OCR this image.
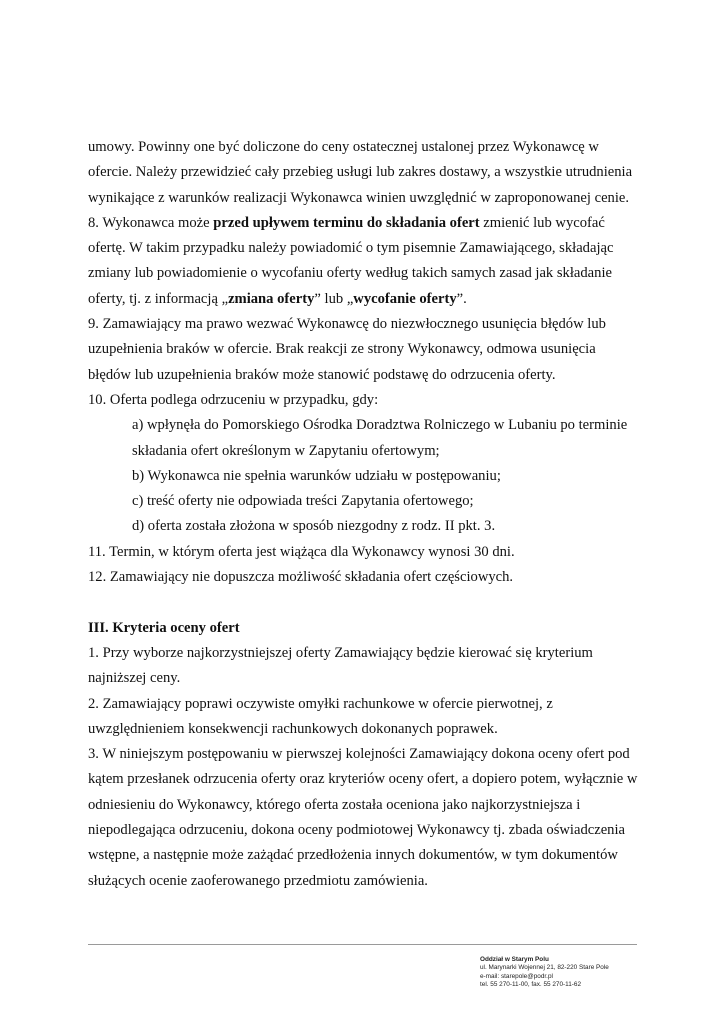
umowy. Powinny one być doliczone do ceny ostatecznej ustalonej przez Wykonawcę w
ofercie. Należy przewidzieć cały przebieg usługi lub zakres dostawy, a wszystkie utrudnienia
wynikające z warunków realizacji Wykonawca winien uwzględnić w zaproponowanej cenie.
8. Wykonawca może przed upływem terminu do składania ofert zmienić lub wycofać
ofertę. W takim przypadku należy powiadomić o tym pisemnie Zamawiającego, składając
zmiany lub powiadomienie o wycofaniu oferty według takich samych zasad jak składanie
oferty, tj. z informacją „zmiana oferty” lub „wycofanie oferty”.
9. Zamawiający ma prawo wezwać Wykonawcę do niezwłocznego usunięcia błędów lub
uzupełnienia braków w ofercie. Brak reakcji ze strony Wykonawcy, odmowa usunięcia
błędów lub uzupełnienia braków może stanowić podstawę do odrzucenia oferty.
10. Oferta podlega odrzuceniu w przypadku, gdy:
a) wpłynęła do Pomorskiego Ośrodka Doradztwa Rolniczego w Lubaniu po terminie
składania ofert określonym w Zapytaniu ofertowym;
b) Wykonawca nie spełnia warunków udziału w postępowaniu;
c) treść oferty nie odpowiada treści Zapytania ofertowego;
d) oferta została złożona w sposób niezgodny z rodz. II pkt. 3.
11. Termin, w którym oferta jest wiążąca dla Wykonawcy wynosi 30 dni.
12. Zamawiający nie dopuszcza możliwość składania ofert częściowych.
III. Kryteria oceny ofert
1. Przy wyborze najkorzystniejszej oferty Zamawiający będzie kierować się kryterium
najniższej ceny.
2. Zamawiający poprawi oczywiste omyłki rachunkowe w ofercie pierwotnej, z
uwzględnieniem konsekwencji rachunkowych dokonanych poprawek.
3. W niniejszym postępowaniu w pierwszej kolejności Zamawiający dokona oceny ofert pod
kątem przesłanek odrzucenia oferty oraz kryteriów oceny ofert, a dopiero potem, wyłącznie w
odniesieniu do Wykonawcy, którego oferta została oceniona jako najkorzystniejsza i
niepodlegająca odrzuceniu, dokona oceny podmiotowej Wykonawcy tj. zbada oświadczenia
wstępne, a następnie może zażądać przedłożenia innych dokumentów, w tym dokumentów
służących ocenie zaoferowanego przedmiotu zamówienia.
Oddział w Starym Polu
ul. Marynarki Wojennej 21, 82-220 Stare Pole
e-mail: starepole@podr.pl
tel. 55 270-11-00, fax. 55 270-11-62
